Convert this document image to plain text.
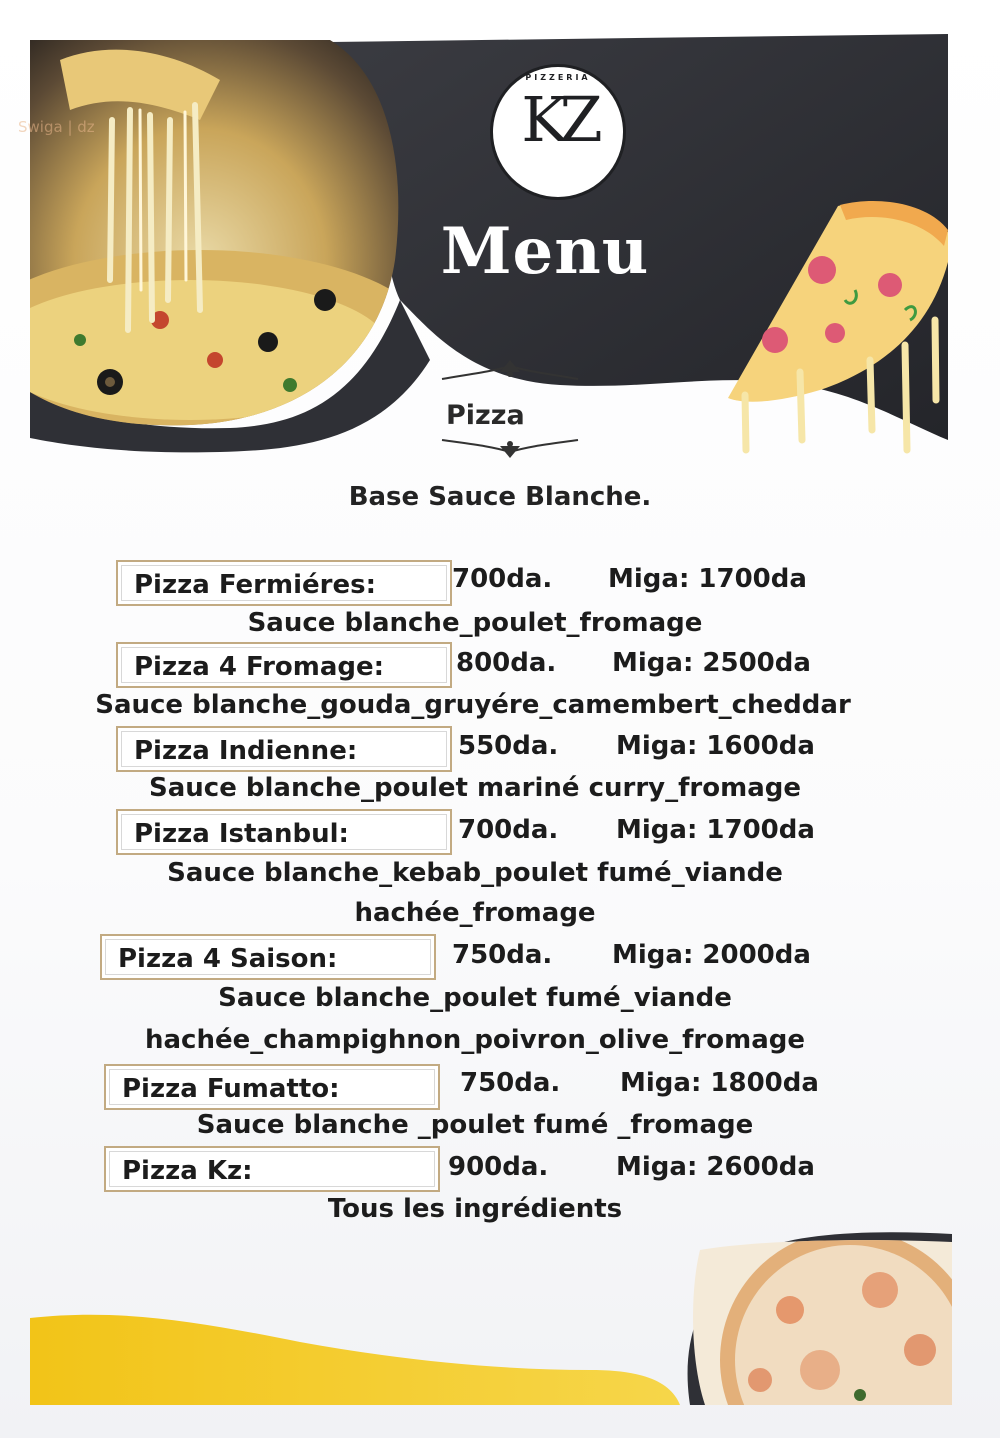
Swiga | dz
PIZZERIA
KZ
Menu
Pizza
Base Sauce Blanche.
Pizza Fermiéres:	700da. Miga: 1700da
Sauce blanche_poulet_fromage
Pizza 4 Fromage:	800da. Miga: 2500da
Sauce blanche_gouda_gruyére_camembert_cheddar
Pizza Indienne:	550da. Miga: 1600da
Sauce blanche_poulet mariné curry_fromage
Pizza Istanbul:	700da. Miga: 1700da
Sauce blanche_kebab_poulet fumé_viande
hachée_fromage
Pizza 4 Saison:	750da. Miga: 2000da
Sauce blanche_poulet fumé_viande
hachée_champighnon_poivron_olive_fromage
Pizza Fumatto:	750da. Miga: 1800da
Sauce blanche _poulet fumé _fromage
Pizza Kz:	900da.	Miga: 2600da
Tous les ingrédients
